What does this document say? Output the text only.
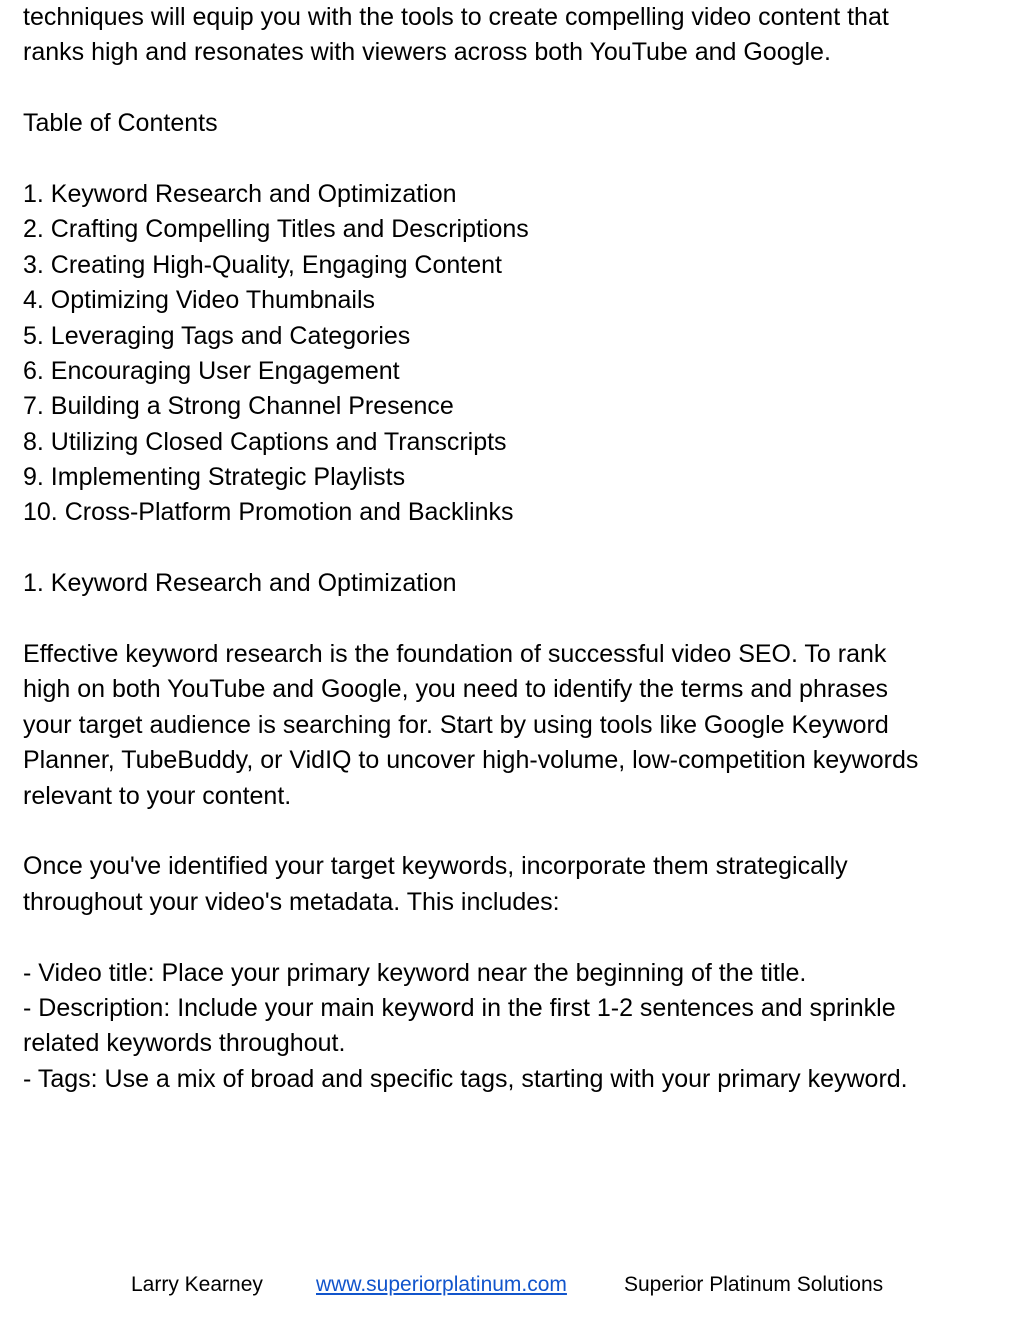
techniques will equip you with the tools to create compelling video content that
ranks high and resonates with viewers across both YouTube and Google.
Table of Contents
1. Keyword Research and Optimization
2. Crafting Compelling Titles and Descriptions
3. Creating High-Quality, Engaging Content
4. Optimizing Video Thumbnails
5. Leveraging Tags and Categories
6. Encouraging User Engagement
7. Building a Strong Channel Presence
8. Utilizing Closed Captions and Transcripts
9. Implementing Strategic Playlists
10. Cross-Platform Promotion and Backlinks
1. Keyword Research and Optimization
Effective keyword research is the foundation of successful video SEO. To rank
high on both YouTube and Google, you need to identify the terms and phrases
your target audience is searching for. Start by using tools like Google Keyword
Planner, TubeBuddy, or VidIQ to uncover high-volume, low-competition keywords
relevant to your content.
Once you've identified your target keywords, incorporate them strategically
throughout your video's metadata. This includes:
- Video title: Place your primary keyword near the beginning of the title.
- Description: Include your main keyword in the first 1-2 sentences and sprinkle
related keywords throughout.
- Tags: Use a mix of broad and specific tags, starting with your primary keyword.
Larry Kearney	www.superiorplatinum.com	Superior Platinum Solutions
